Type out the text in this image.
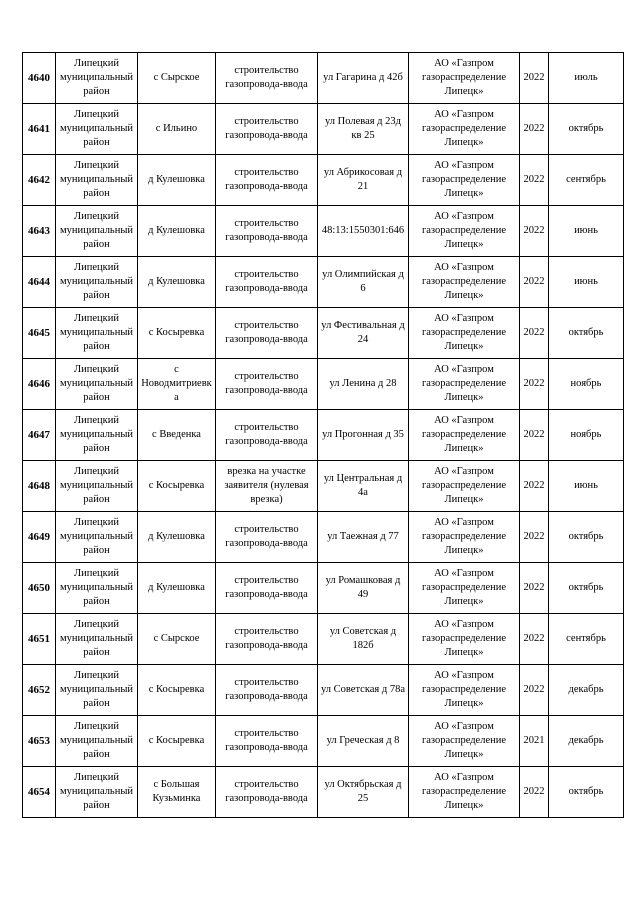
4640	Липецкий муниципальный район	с Сырское	строительство газопровода-ввода	ул Гагарина д 42б	АО «Газпром газораспределение Липецк»	2022	июль
4641	Липецкий муниципальный район	с Ильино	строительство газопровода-ввода	ул Полевая д 23д кв 25	АО «Газпром газораспределение Липецк»	2022	октябрь
4642	Липецкий муниципальный район	д Кулешовка	строительство газопровода-ввода	ул Абрикосовая д 21	АО «Газпром газораспределение Липецк»	2022	сентябрь
4643	Липецкий муниципальный район	д Кулешовка	строительство газопровода-ввода	48:13:1550301:646	АО «Газпром газораспределение Липецк»	2022	июнь
4644	Липецкий муниципальный район	д Кулешовка	строительство газопровода-ввода	ул Олимпийская д 6	АО «Газпром газораспределение Липецк»	2022	июнь
4645	Липецкий муниципальный район	с Косыревка	строительство газопровода-ввода	ул Фестивальная д 24	АО «Газпром газораспределение Липецк»	2022	октябрь
4646	Липецкий муниципальный район	с Новодмитриевка	строительство газопровода-ввода	ул Ленина д 28	АО «Газпром газораспределение Липецк»	2022	ноябрь
4647	Липецкий муниципальный район	с Введенка	строительство газопровода-ввода	ул Прогонная д 35	АО «Газпром газораспределение Липецк»	2022	ноябрь
4648	Липецкий муниципальный район	с Косыревка	врезка на участке заявителя (нулевая врезка)	ул Центральная д 4а	АО «Газпром газораспределение Липецк»	2022	июнь
4649	Липецкий муниципальный район	д Кулешовка	строительство газопровода-ввода	ул Таежная д 77	АО «Газпром газораспределение Липецк»	2022	октябрь
4650	Липецкий муниципальный район	д Кулешовка	строительство газопровода-ввода	ул Ромашковая д 49	АО «Газпром газораспределение Липецк»	2022	октябрь
4651	Липецкий муниципальный район	с Сырское	строительство газопровода-ввода	ул Советская д 182б	АО «Газпром газораспределение Липецк»	2022	сентябрь
4652	Липецкий муниципальный район	с Косыревка	строительство газопровода-ввода	ул Советская д 78а	АО «Газпром газораспределение Липецк»	2022	декабрь
4653	Липецкий муниципальный район	с Косыревка	строительство газопровода-ввода	ул Греческая д 8	АО «Газпром газораспределение Липецк»	2021	декабрь
4654	Липецкий муниципальный район	с Большая Кузьминка	строительство газопровода-ввода	ул Октябрьская д 25	АО «Газпром газораспределение Липецк»	2022	октябрь
